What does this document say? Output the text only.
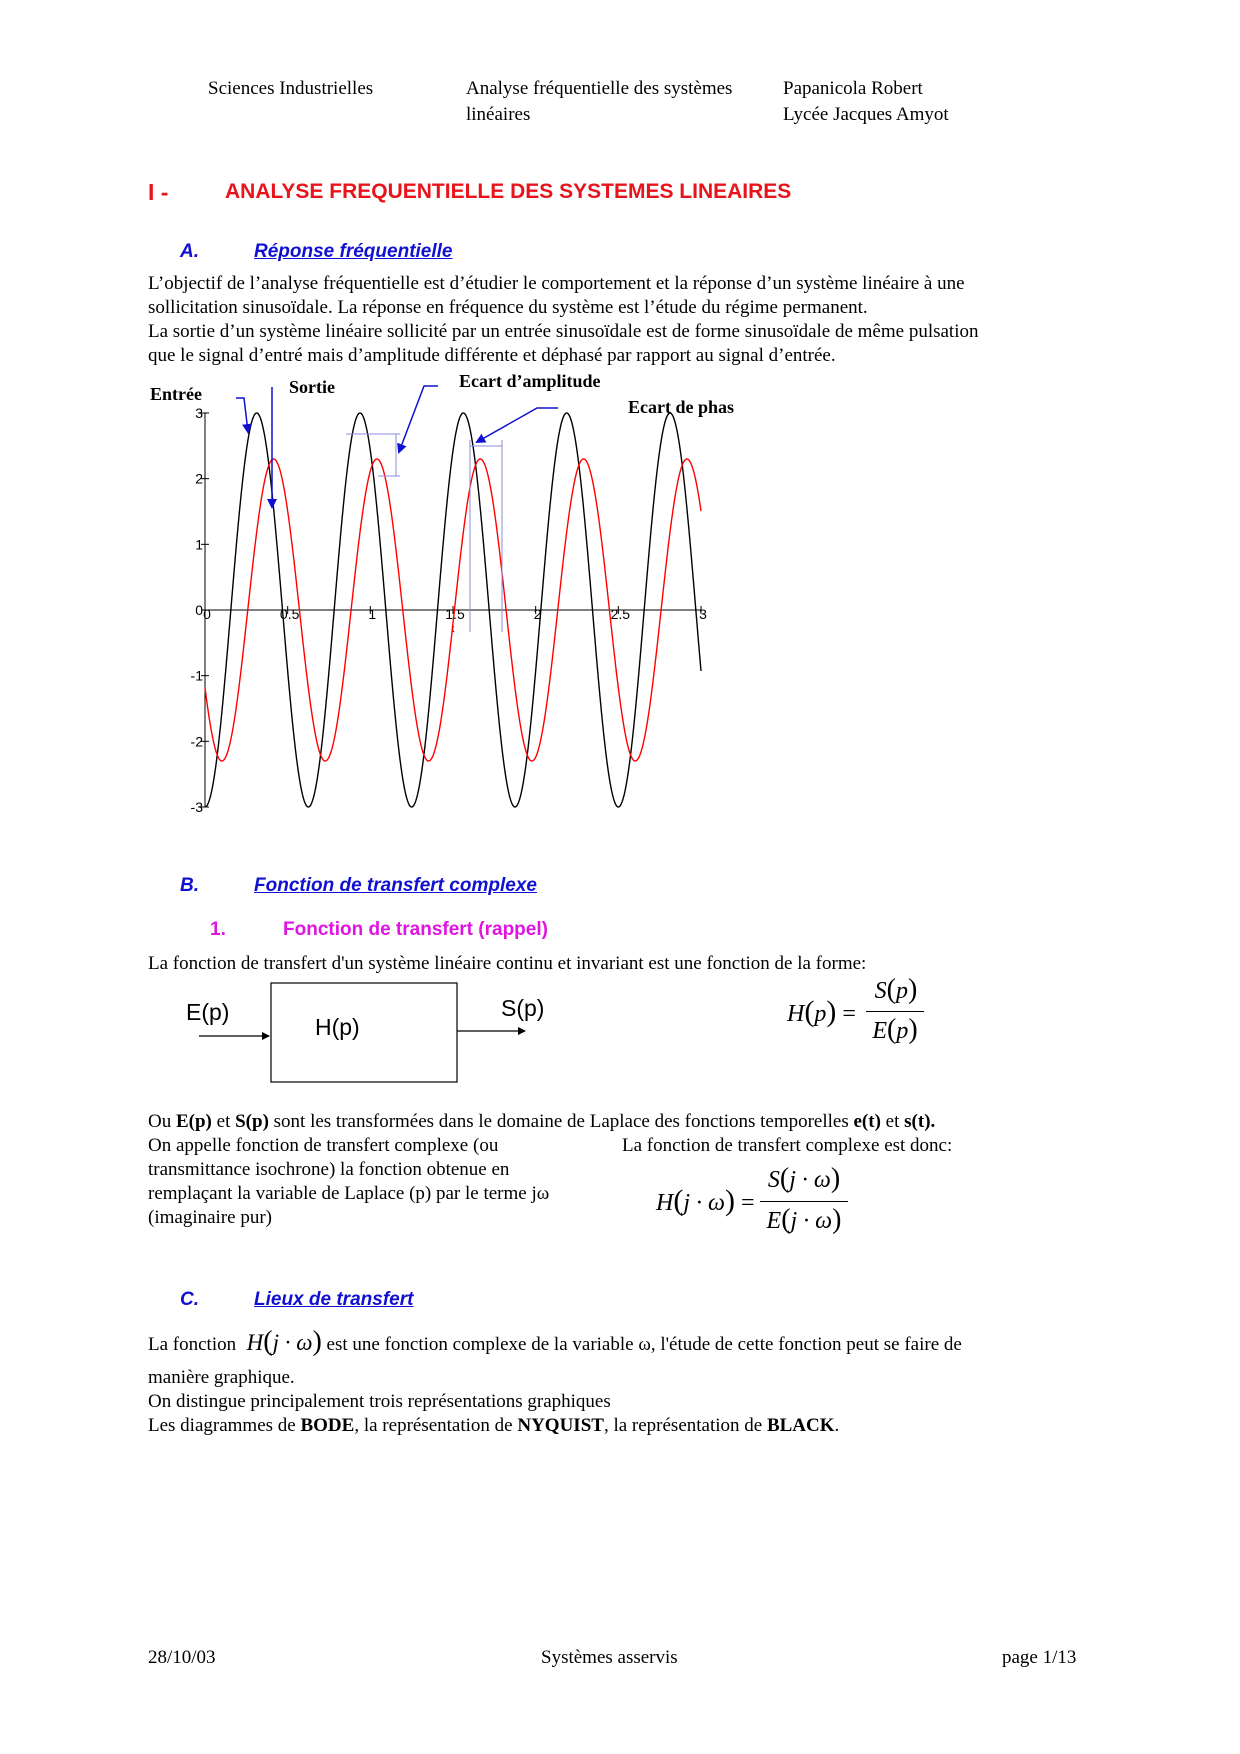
Sciences Industrielles	Analyse fréquentielle des systèmes
linéaires
Papanicola Robert
Lycée Jacques Amyot
I -	ANALYSE FREQUENTIELLE DES SYSTEMES LINEAIRES
A.	Réponse fréquentielle
L’objectif de l’analyse fréquentielle est d’étudier le comportement et la réponse d’un système linéaire à une
sollicitation sinusoïdale. La réponse en fréquence du système est l’étude du régime permanent.
La sortie d’un système linéaire sollicité par un entrée sinusoïdale est de forme sinusoïdale de même pulsation
que le signal d’entré mais d’amplitude différente et déphasé par rapport au signal d’entrée.
Entrée	Sortie	Ecart d’amplitude
Ecart de phas
3
2
1
0
-1
-2
-3
0	0.5	1	1.5	2	2.5	3
t
B.	Fonction de transfert complexe
1.	Fonction de transfert (rappel)
La fonction de transfert d'un système linéaire continu et invariant est une fonction de la forme:
E(p)
H(p)
S(p)	H(p) =
S(p)
E(p)
Ou E(p) et S(p) sont les transformées dans le domaine de Laplace des fonctions temporelles e(t) et s(t).
On appelle fonction de transfert complexe (ou
transmittance isochrone) la fonction obtenue en
remplaçant la variable de Laplace (p) par le terme jω
(imaginaire pur)
La fonction de transfert complexe est donc:
H(j · ω) =
S(j · ω)
E(j · ω)
C.	Lieux de transfert
La fonction  H(j · ω) est une fonction complexe de la variable ω, l'étude de cette fonction peut se faire de
manière graphique.
On distingue principalement trois représentations graphiques
Les diagrammes de BODE, la représentation de NYQUIST, la représentation de BLACK.
28/10/03	Systèmes asservis	page 1/13
